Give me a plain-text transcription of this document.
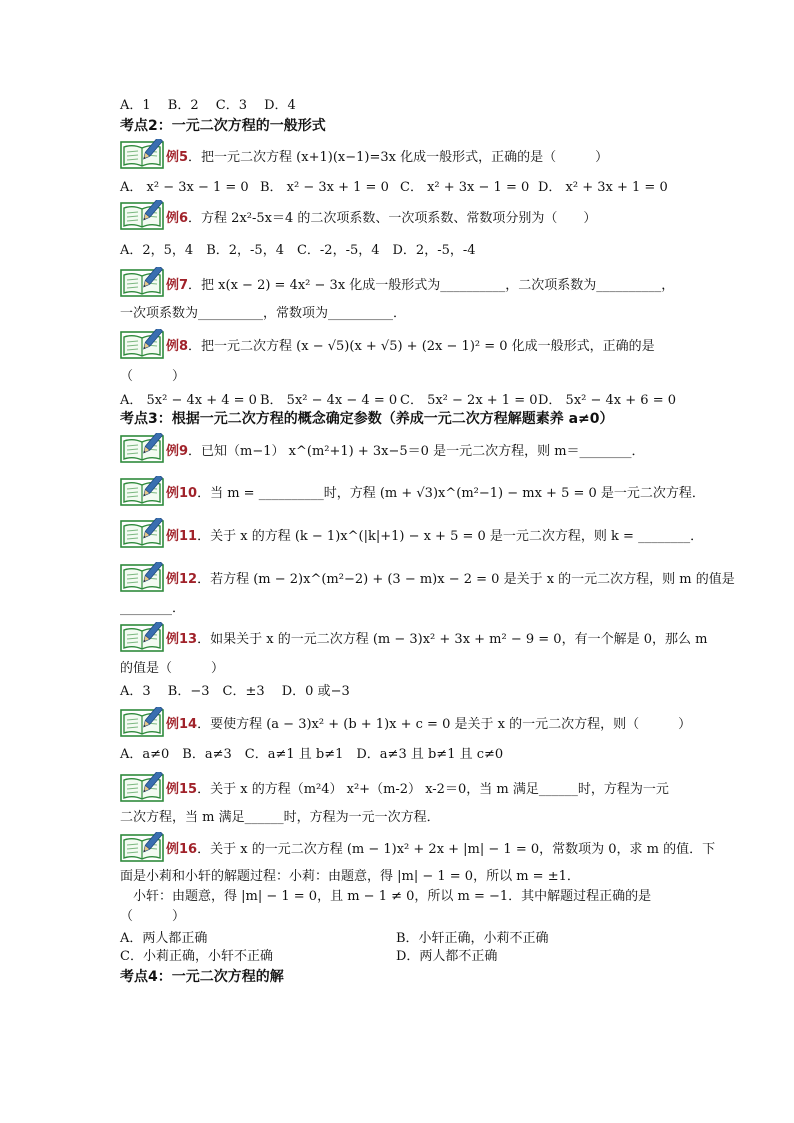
A．1　 B．2　 C．3　 D．4
考点2：一元二次方程的一般形式
例5．把一元二次方程 (x+1)(x−1)=3x 化成一般形式，正确的是（　　　）
A． x² − 3x − 1 = 0 B． x² − 3x + 1 = 0 C． x² + 3x − 1 = 0 D． x² + 3x + 1 = 0
例6．方程 2x²-5x＝4 的二次项系数、一次项系数、常数项分别为（　　）
A．2，5，4　B．2，-5，4　C．-2，-5，4　D．2，-5，-4
例7．把 x(x − 2) = 4x² − 3x 化成一般形式为__________，二次项系数为__________，
一次项系数为__________，常数项为__________．
例8．把一元二次方程 (x − √5)(x + √5) + (2x − 1)² = 0 化成一般形式，正确的是
（　　　）
A． 5x² − 4x + 4 = 0 B． 5x² − 4x − 4 = 0 C． 5x² − 2x + 1 = 0D． 5x² − 4x + 6 = 0
考点3：根据一元二次方程的概念确定参数（养成一元二次方程解题素养 a≠0）
例9．已知（m−1） x^(m²+1) + 3x−5＝0 是一元二次方程，则 m＝________．
例10．当 m = __________时，方程 (m + √3)x^(m²−1) − mx + 5 = 0 是一元二次方程．
例11．关于 x 的方程 (k − 1)x^(|k|+1) − x + 5 = 0 是一元二次方程，则 k = ________．
例12．若方程 (m − 2)x^(m²−2) + (3 − m)x − 2 = 0 是关于 x 的一元二次方程，则 m 的值是
________．
例13．如果关于 x 的一元二次方程 (m − 3)x² + 3x + m² − 9 = 0，有一个解是 0，那么 m
的值是（　　　）
A．3　 B．−3　C．±3　 D．0 或−3
例14．要使方程 (a − 3)x² + (b + 1)x + c = 0 是关于 x 的一元二次方程，则（　　　）
A．a≠0　B．a≠3　C．a≠1 且 b≠1　D．a≠3 且 b≠1 且 c≠0
例15．关于 x 的方程（m²4） x²+（m-2） x-2＝0，当 m 满足______时，方程为一元
二次方程，当 m 满足______时，方程为一元一次方程．
例16．关于 x 的一元二次方程 (m − 1)x² + 2x + |m| − 1 = 0，常数项为 0，求 m 的值．下
面是小莉和小轩的解题过程：小莉：由题意，得 |m| − 1 = 0，所以 m = ±1．
　小轩：由题意，得 |m| − 1 = 0，且 m − 1 ≠ 0，所以 m = −1．其中解题过程正确的是
（　　　）
A．两人都正确	B．小轩正确，小莉不正确
C．小莉正确，小轩不正确	D．两人都不正确
考点4：一元二次方程的解
